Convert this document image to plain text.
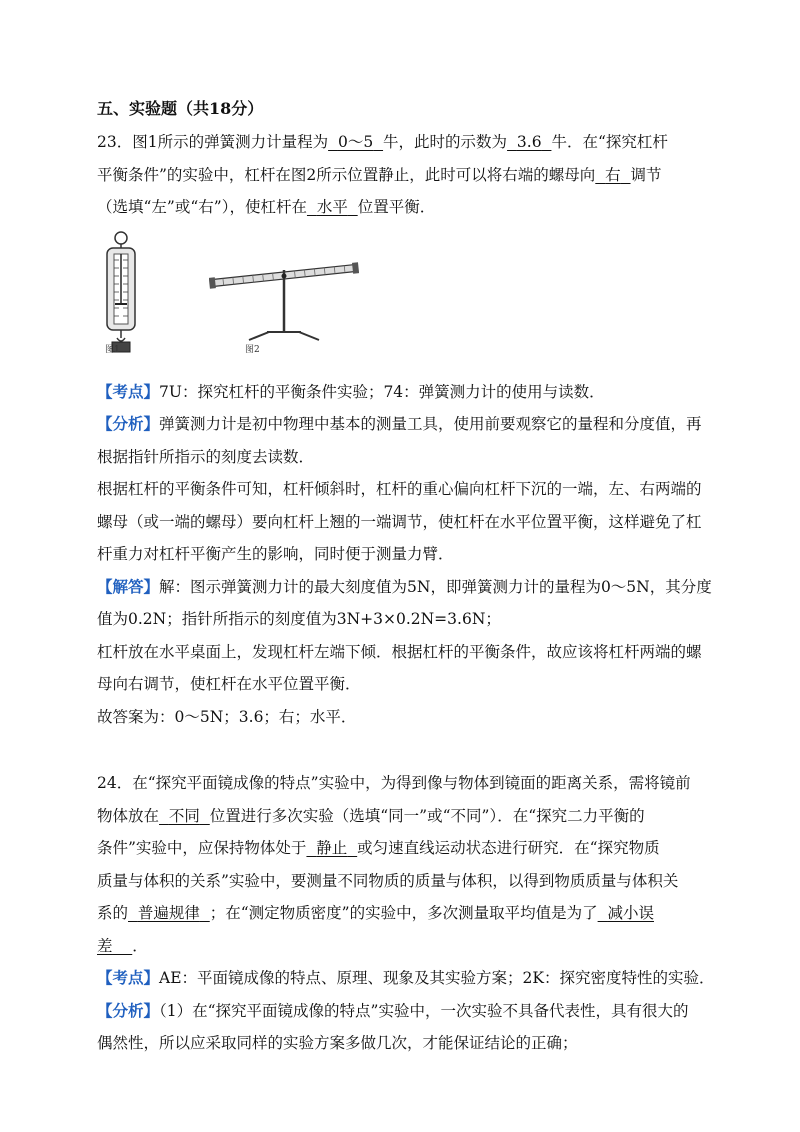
五、实验题（共18分）
23．图1所示的弹簧测力计量程为 0～5 牛，此时的示数为 3.6 牛．在“探究杠杆
平衡条件”的实验中，杠杆在图2所示位置静止，此时可以将右端的螺母向 右 调节
（选填“左”或“右”），使杠杆在 水平 位置平衡．
图1	图2
【考点】7U：探究杠杆的平衡条件实验；74：弹簧测力计的使用与读数．
【分析】弹簧测力计是初中物理中基本的测量工具，使用前要观察它的量程和分度值，再
根据指针所指示的刻度去读数．
根据杠杆的平衡条件可知，杠杆倾斜时，杠杆的重心偏向杠杆下沉的一端，左、右两端的
螺母（或一端的螺母）要向杠杆上翘的一端调节，使杠杆在水平位置平衡，这样避免了杠
杆重力对杠杆平衡产生的影响，同时便于测量力臂．
【解答】解：图示弹簧测力计的最大刻度值为5N，即弹簧测力计的量程为0～5N，其分度
值为0.2N；指针所指示的刻度值为3N+3×0.2N=3.6N；
杠杆放在水平桌面上，发现杠杆左端下倾．根据杠杆的平衡条件，故应该将杠杆两端的螺
母向右调节，使杠杆在水平位置平衡．
故答案为：0～5N；3.6；右；水平．
24．在“探究平面镜成像的特点”实验中，为得到像与物体到镜面的距离关系，需将镜前
物体放在 不同 位置进行多次实验（选填“同一”或“不同”）．在“探究二力平衡的
条件”实验中，应保持物体处于 静止 或匀速直线运动状态进行研究．在“探究物质
质量与体积的关系”实验中，要测量不同物质的质量与体积，以得到物质质量与体积关
系的 普遍规律 ；在“测定物质密度”的实验中，多次测量取平均值是为了 减小误
差 ．
【考点】AE：平面镜成像的特点、原理、现象及其实验方案；2K：探究密度特性的实验．
【分析】（1）在“探究平面镜成像的特点”实验中，一次实验不具备代表性，具有很大的
偶然性，所以应采取同样的实验方案多做几次，才能保证结论的正确；
